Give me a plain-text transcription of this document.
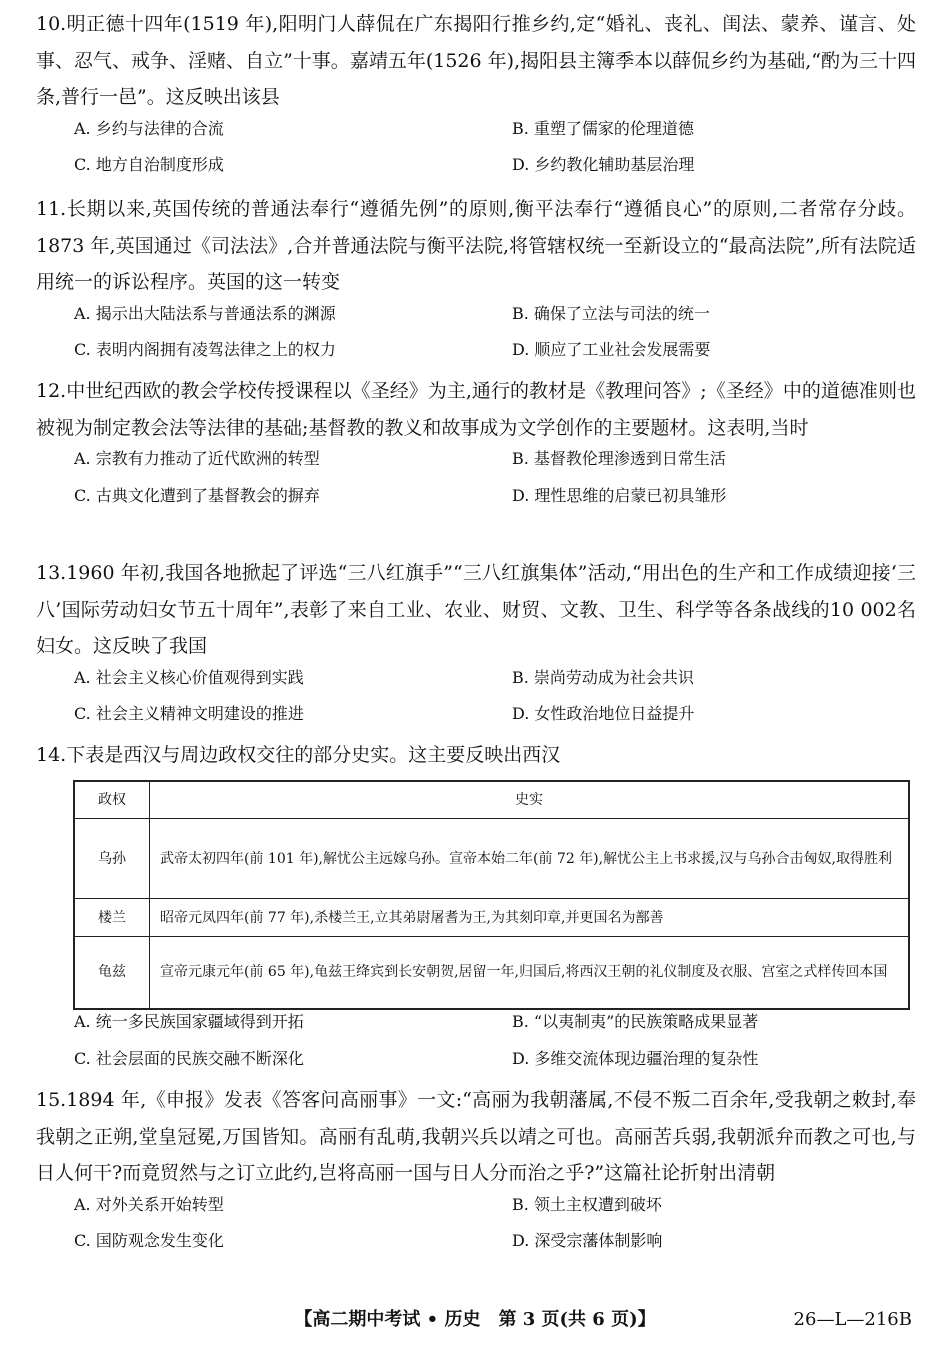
10.明正德十四年(1519 年),阳明门人薛侃在广东揭阳行推乡约,定“婚礼、丧礼、闺法、蒙养、谨言、处事、忍气、戒争、淫赌、自立”十事。嘉靖五年(1526 年),揭阳县主簿季本以薛侃乡约为基础,“酌为三十四条,普行一邑”。这反映出该县

A. 乡约与法律的合流	B. 重塑了儒家的伦理道德
C. 地方自治制度形成	D. 乡约教化辅助基层治理

11.长期以来,英国传统的普通法奉行“遵循先例”的原则,衡平法奉行“遵循良心”的原则,二者常存分歧。1873 年,英国通过《司法法》,合并普通法院与衡平法院,将管辖权统一至新设立的“最高法院”,所有法院适用统一的诉讼程序。英国的这一转变

A. 揭示出大陆法系与普通法系的渊源	B. 确保了立法与司法的统一
C. 表明内阁拥有凌驾法律之上的权力	D. 顺应了工业社会发展需要

12.中世纪西欧的教会学校传授课程以《圣经》为主,通行的教材是《教理问答》;《圣经》中的道德准则也被视为制定教会法等法律的基础;基督教的教义和故事成为文学创作的主要题材。这表明,当时

A. 宗教有力推动了近代欧洲的转型	B. 基督教伦理渗透到日常生活
C. 古典文化遭到了基督教会的摒弃	D. 理性思维的启蒙已初具雏形

13.1960 年初,我国各地掀起了评选“三八红旗手”“三八红旗集体”活动,“用出色的生产和工作成绩迎接‘三八’国际劳动妇女节五十周年”,表彰了来自工业、农业、财贸、文教、卫生、科学等各条战线的10 002名妇女。这反映了我国

A. 社会主义核心价值观得到实践	B. 崇尚劳动成为社会共识
C. 社会主义精神文明建设的推进	D. 女性政治地位日益提升

14.下表是西汉与周边政权交往的部分史实。这主要反映出西汉

政权	史实
乌孙	武帝太初四年(前 101 年),解忧公主远嫁乌孙。宣帝本始二年(前 72 年),解忧公主上书求援,汉与乌孙合击匈奴,取得胜利
楼兰	昭帝元凤四年(前 77 年),杀楼兰王,立其弟尉屠耆为王,为其刻印章,并更国名为鄯善
龟兹	宣帝元康元年(前 65 年),龟兹王绛宾到长安朝贺,居留一年,归国后,将西汉王朝的礼仪制度及衣服、宫室之式样传回本国
A. 统一多民族国家疆域得到开拓	B. “以夷制夷”的民族策略成果显著
C. 社会层面的民族交融不断深化	D. 多维交流体现边疆治理的复杂性

15.1894 年,《申报》发表《答客问高丽事》一文:“高丽为我朝藩属,不侵不叛二百余年,受我朝之敕封,奉我朝之正朔,堂皇冠冕,万国皆知。高丽有乱萌,我朝兴兵以靖之可也。高丽苦兵弱,我朝派弁而教之可也,与日人何干?而竟贸然与之订立此约,岂将高丽一国与日人分而治之乎?”这篇社论折射出清朝

A. 对外关系开始转型	B. 领土主权遭到破坏
C. 国防观念发生变化	D. 深受宗藩体制影响
【高二期中考试 • 历史　第 3 页(共 6 页)】	26—L—216B
